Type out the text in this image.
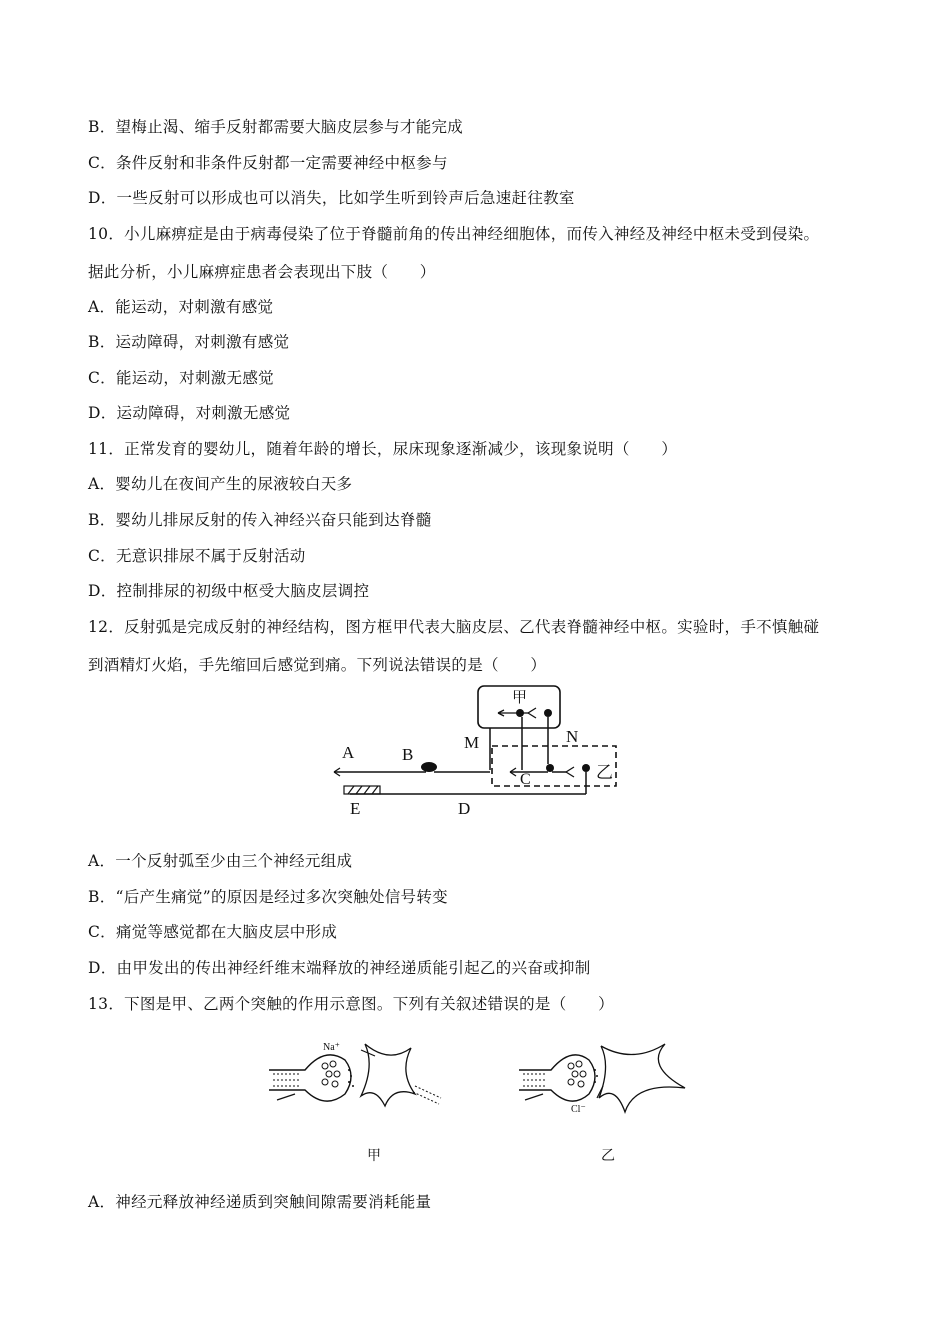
B．望梅止渴、缩手反射都需要大脑皮层参与才能完成
C．条件反射和非条件反射都一定需要神经中枢参与
D．一些反射可以形成也可以消失，比如学生听到铃声后急速赶往教室
10．小儿麻痹症是由于病毒侵染了位于脊髓前角的传出神经细胞体，而传入神经及神经中枢未受到侵染。
据此分析，小儿麻痹症患者会表现出下肢（　　）
A．能运动，对刺激有感觉
B．运动障碍，对刺激有感觉
C．能运动，对刺激无感觉
D．运动障碍，对刺激无感觉
11．正常发育的婴幼儿，随着年龄的增长，尿床现象逐渐减少，该现象说明（　　）
A．婴幼儿在夜间产生的尿液较白天多
B．婴幼儿排尿反射的传入神经兴奋只能到达脊髓
C．无意识排尿不属于反射活动
D．控制排尿的初级中枢受大脑皮层调控
12．反射弧是完成反射的神经结构，图方框甲代表大脑皮层、乙代表脊髓神经中枢。实验时，手不慎触碰
到酒精灯火焰，手先缩回后感觉到痛。下列说法错误的是（　　）
甲
乙
A	B
M	N
C
E	D
A．一个反射弧至少由三个神经元组成
B．“后产生痛觉”的原因是经过多次突触处信号转变
C．痛觉等感觉都在大脑皮层中形成
D．由甲发出的传出神经纤维末端释放的神经递质能引起乙的兴奋或抑制
13．下图是甲、乙两个突触的作用示意图。下列有关叙述错误的是（　　）
Na⁺
甲
Cl⁻
乙
A．神经元释放神经递质到突触间隙需要消耗能量
